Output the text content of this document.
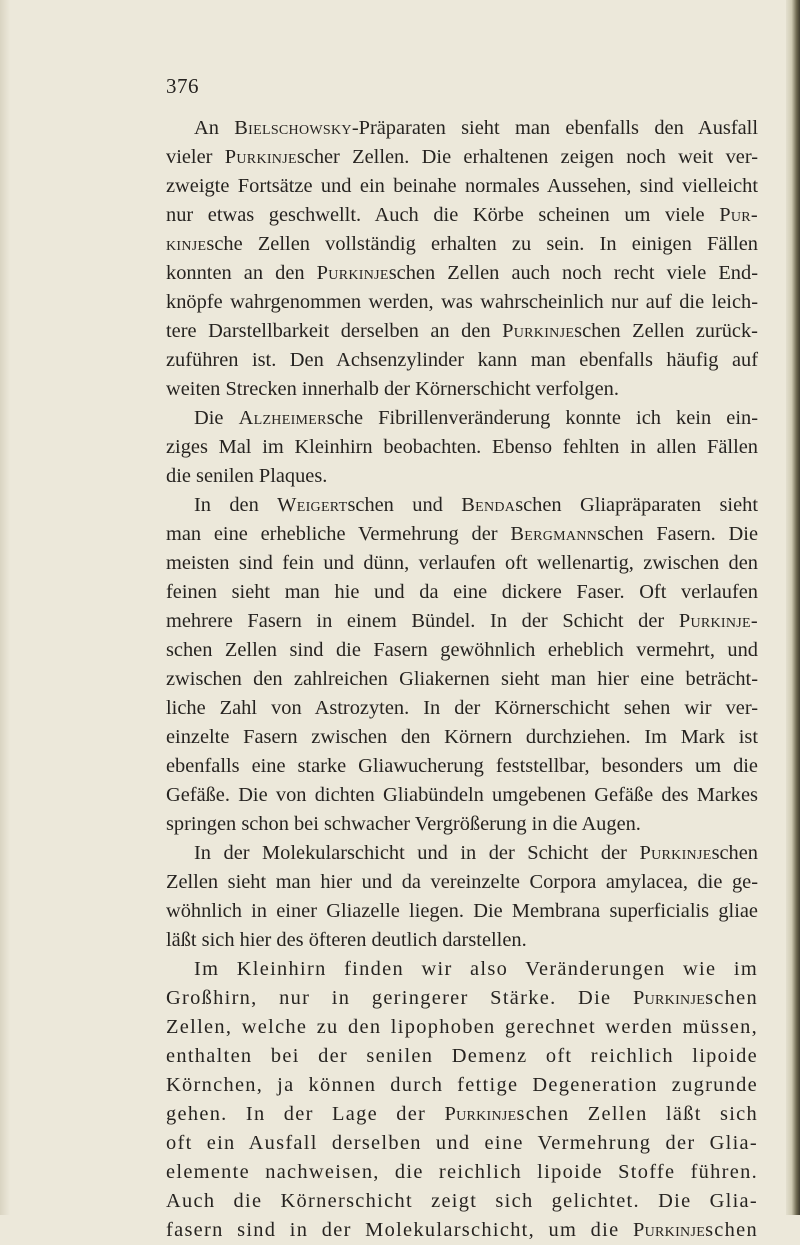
376

An Bielschowsky-Präparaten sieht man ebenfalls den Ausfall
vieler Purkinjescher Zellen. Die erhaltenen zeigen noch weit ver-
zweigte Fortsätze und ein beinahe normales Aussehen, sind vielleicht
nur etwas geschwellt. Auch die Körbe scheinen um viele Pur-
kinjesche Zellen vollständig erhalten zu sein. In einigen Fällen
konnten an den Purkinjeschen Zellen auch noch recht viele End-
knöpfe wahrgenommen werden, was wahrscheinlich nur auf die leich-
tere Darstellbarkeit derselben an den Purkinjeschen Zellen zurück-
zuführen ist. Den Achsenzylinder kann man ebenfalls häufig auf
weiten Strecken innerhalb der Körnerschicht verfolgen.
Die Alzheimersche Fibrillenveränderung konnte ich kein ein-
ziges Mal im Kleinhirn beobachten. Ebenso fehlten in allen Fällen
die senilen Plaques.
In den Weigertschen und Bendaschen Gliapräparaten sieht
man eine erhebliche Vermehrung der Bergmannschen Fasern. Die
meisten sind fein und dünn, verlaufen oft wellenartig, zwischen den
feinen sieht man hie und da eine dickere Faser. Oft verlaufen
mehrere Fasern in einem Bündel. In der Schicht der Purkinje-
schen Zellen sind die Fasern gewöhnlich erheblich vermehrt, und
zwischen den zahlreichen Gliakernen sieht man hier eine beträcht-
liche Zahl von Astrozyten. In der Körnerschicht sehen wir ver-
einzelte Fasern zwischen den Körnern durchziehen. Im Mark ist
ebenfalls eine starke Gliawucherung feststellbar, besonders um die
Gefäße. Die von dichten Gliabündeln umgebenen Gefäße des Markes
springen schon bei schwacher Vergrößerung in die Augen.
In der Molekularschicht und in der Schicht der Purkinjeschen
Zellen sieht man hier und da vereinzelte Corpora amylacea, die ge-
wöhnlich in einer Gliazelle liegen. Die Membrana superficialis gliae
läßt sich hier des öfteren deutlich darstellen.
Im Kleinhirn finden wir also Veränderungen wie im
Großhirn, nur in geringerer Stärke. Die Purkinjeschen
Zellen, welche zu den lipophoben gerechnet werden müssen,
enthalten bei der senilen Demenz oft reichlich lipoide
Körnchen, ja können durch fettige Degeneration zugrunde
gehen. In der Lage der Purkinjeschen Zellen läßt sich
oft ein Ausfall derselben und eine Vermehrung der Glia-
elemente nachweisen, die reichlich lipoide Stoffe führen.
Auch die Körnerschicht zeigt sich gelichtet. Die Glia-
fasern sind in der Molekularschicht, um die Purkinjeschen
